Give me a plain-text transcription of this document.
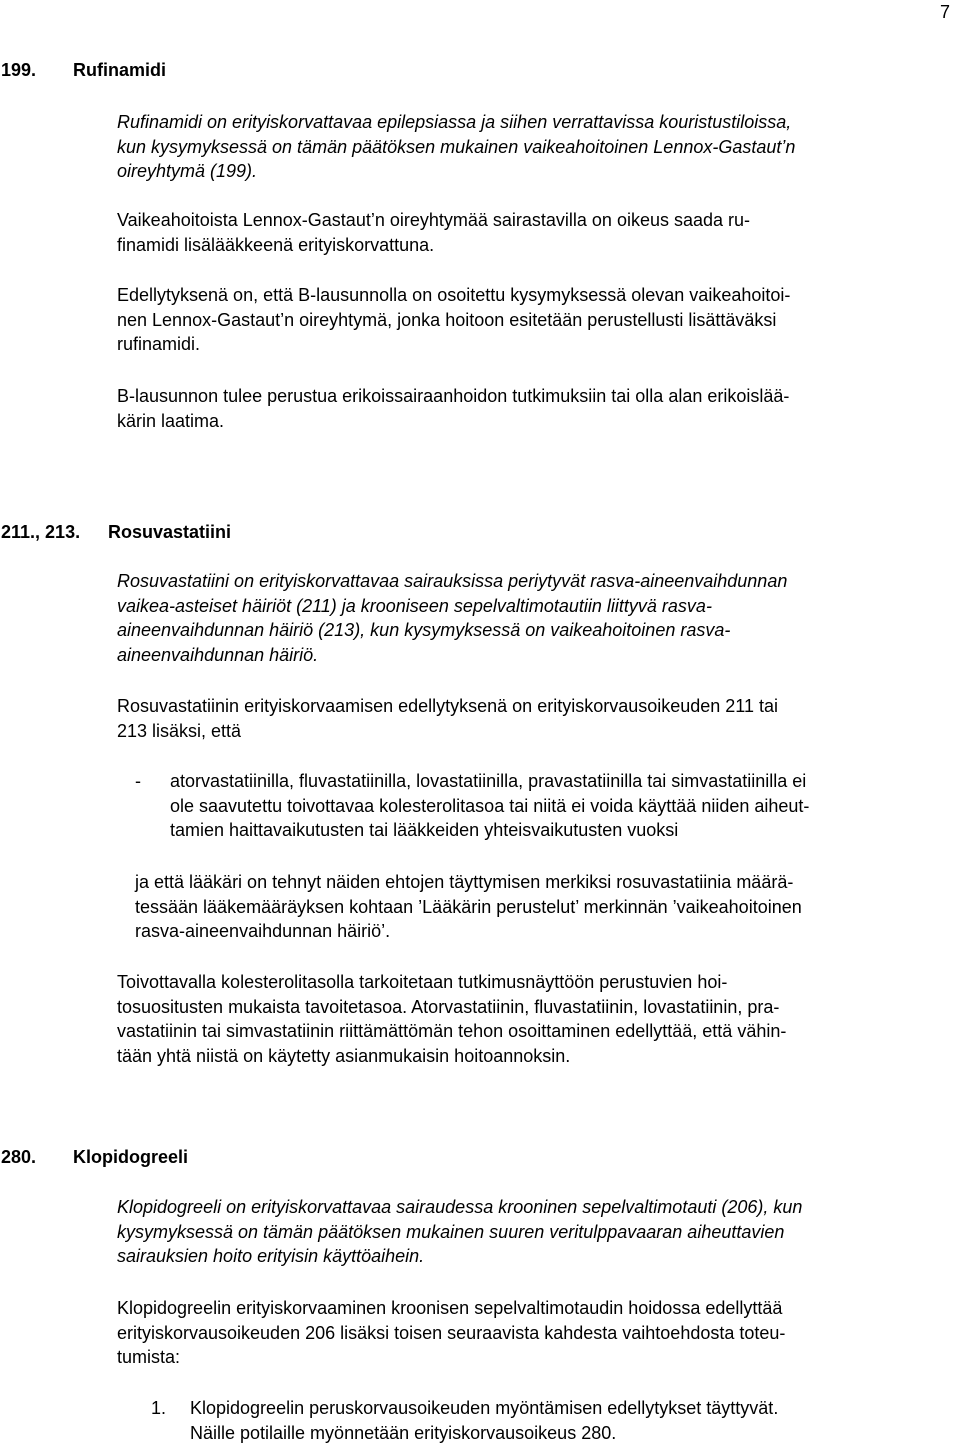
7
199. Rufinamidi
Rufinamidi on erityiskorvattavaa epilepsiassa ja siihen verrattavissa kouristustiloissa,
kun kysymyksessä on tämän päätöksen mukainen vaikeahoitoinen Lennox-Gastaut’n
oireyhtymä (199).
Vaikeahoitoista Lennox-Gastaut’n oireyhtymää sairastavilla on oikeus saada ru-
finamidi lisälääkkeenä erityiskorvattuna.
Edellytyksenä on, että B-lausunnolla on osoitettu kysymyksessä olevan vaikeahoitoi-
nen Lennox-Gastaut’n oireyhtymä, jonka hoitoon esitetään perustellusti lisättäväksi
rufinamidi.
B-lausunnon tulee perustua erikoissairaanhoidon tutkimuksiin tai olla alan erikoislää-
kärin laatima.
211., 213. Rosuvastatiini
Rosuvastatiini on erityiskorvattavaa sairauksissa periytyvät rasva-aineenvaihdunnan
vaikea-asteiset häiriöt (211) ja krooniseen sepelvaltimotautiin liittyvä rasva-
aineenvaihdunnan häiriö (213), kun kysymyksessä on vaikeahoitoinen rasva-
aineenvaihdunnan häiriö.
Rosuvastatiinin erityiskorvaamisen edellytyksenä on erityiskorvausoikeuden 211 tai
213 lisäksi, että
- atorvastatiinilla, fluvastatiinilla, lovastatiinilla, pravastatiinilla tai simvastatiinilla ei
ole saavutettu toivottavaa kolesterolitasoa tai niitä ei voida käyttää niiden aiheut-
tamien haittavaikutusten tai lääkkeiden yhteisvaikutusten vuoksi
ja että lääkäri on tehnyt näiden ehtojen täyttymisen merkiksi rosuvastatiinia määrä-
tessään lääkemääräyksen kohtaan ’Lääkärin perustelut’ merkinnän ’vaikeahoitoinen
rasva-aineenvaihdunnan häiriö’.
Toivottavalla kolesterolitasolla tarkoitetaan tutkimusnäyttöön perustuvien hoi-
tosuositusten mukaista tavoitetasoa. Atorvastatiinin, fluvastatiinin, lovastatiinin, pra-
vastatiinin tai simvastatiinin riittämättömän tehon osoittaminen edellyttää, että vähin-
tään yhtä niistä on käytetty asianmukaisin hoitoannoksin.
280. Klopidogreeli
Klopidogreeli on erityiskorvattavaa sairaudessa krooninen sepelvaltimotauti (206), kun
kysymyksessä on tämän päätöksen mukainen suuren veritulppavaaran aiheuttavien
sairauksien hoito erityisin käyttöaihein.
Klopidogreelin erityiskorvaaminen kroonisen sepelvaltimotaudin hoidossa edellyttää
erityiskorvausoikeuden 206 lisäksi toisen seuraavista kahdesta vaihtoehdosta toteu-
tumista:
1. Klopidogreelin peruskorvausoikeuden myöntämisen edellytykset täyttyvät.
Näille potilaille myönnetään erityiskorvausoikeus 280.
